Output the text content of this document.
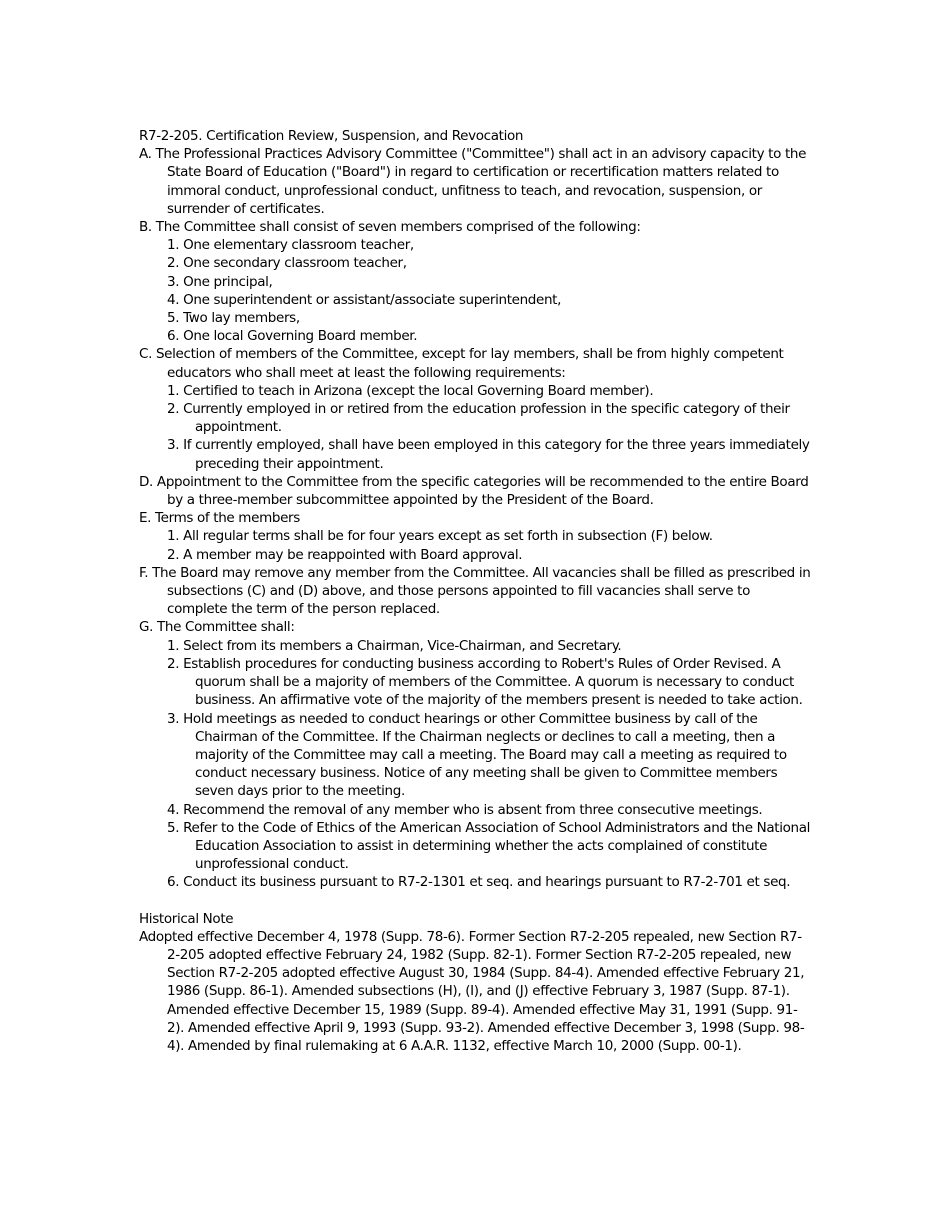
R7-2-205. Certification Review, Suspension, and Revocation

A. The Professional Practices Advisory Committee ("Committee") shall act in an advisory capacity to the State Board of Education ("Board") in regard to certification or recertification matters related to immoral conduct, unprofessional conduct, unfitness to teach, and revocation, suspension, or surrender of certificates.

B. The Committee shall consist of seven members comprised of the following:

1. One elementary classroom teacher,

2. One secondary classroom teacher,

3. One principal,

4. One superintendent or assistant/associate superintendent,

5. Two lay members,

6. One local Governing Board member.

C. Selection of members of the Committee, except for lay members, shall be from highly competent educators who shall meet at least the following requirements:

1. Certified to teach in Arizona (except the local Governing Board member).

2. Currently employed in or retired from the education profession in the specific category of their appointment.

3. If currently employed, shall have been employed in this category for the three years immediately preceding their appointment.

D. Appointment to the Committee from the specific categories will be recommended to the entire Board by a three-member subcommittee appointed by the President of the Board.

E. Terms of the members

1. All regular terms shall be for four years except as set forth in subsection (F) below.

2. A member may be reappointed with Board approval.

F. The Board may remove any member from the Committee. All vacancies shall be filled as prescribed in subsections (C) and (D) above, and those persons appointed to fill vacancies shall serve to complete the term of the person replaced.

G. The Committee shall:

1. Select from its members a Chairman, Vice-Chairman, and Secretary.

2. Establish procedures for conducting business according to Robert's Rules of Order Revised. A quorum shall be a majority of members of the Committee. A quorum is necessary to conduct business. An affirmative vote of the majority of the members present is needed to take action.

3. Hold meetings as needed to conduct hearings or other Committee business by call of the Chairman of the Committee. If the Chairman neglects or declines to call a meeting, then a majority of the Committee may call a meeting. The Board may call a meeting as required to conduct necessary business. Notice of any meeting shall be given to Committee members seven days prior to the meeting.

4. Recommend the removal of any member who is absent from three consecutive meetings.

5. Refer to the Code of Ethics of the American Association of School Administrators and the National Education Association to assist in determining whether the acts complained of constitute unprofessional conduct.

6. Conduct its business pursuant to R7-2-1301 et seq. and hearings pursuant to R7-2-701 et seq.

Historical Note

Adopted effective December 4, 1978 (Supp. 78-6). Former Section R7-2-205 repealed, new Section R7-2-205 adopted effective February 24, 1982 (Supp. 82-1). Former Section R7-2-205 repealed, new Section R7-2-205 adopted effective August 30, 1984 (Supp. 84-4). Amended effective February 21, 1986 (Supp. 86-1). Amended subsections (H), (I), and (J) effective February 3, 1987 (Supp. 87-1). Amended effective December 15, 1989 (Supp. 89-4). Amended effective May 31, 1991 (Supp. 91-2). Amended effective April 9, 1993 (Supp. 93-2). Amended effective December 3, 1998 (Supp. 98-4). Amended by final rulemaking at 6 A.A.R. 1132, effective March 10, 2000 (Supp. 00-1).
